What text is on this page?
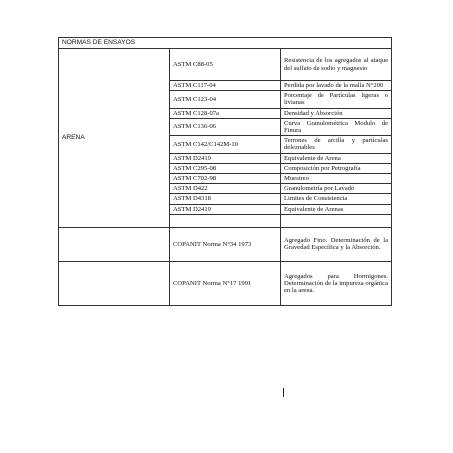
NORMAS DE ENSAYOS		
ARENA	ASTM C88-05	Resistencia de los agregados al ataque del sulfato de sodio y magnesio
	ASTM C117-04	Perdida por lavado de la malla N°200
	ASTM C123-04	Porcentaje de Partículas ligeras o livianas
	ASTM C128-07a	Densidad y Absorción
	ASTM C136-06	Curva Granulométrica Modulo de Finura
	ASTM C142/C142M-10	Terrones de arcilla y partículas deleznables
	ASTM D2419	Equivalente de Arena
	ASTM C295-08	Composición por Petrografía
	ASTM C702-98	Muestreo
	ASTM D422	Granulometría por Lavado
	ASTM D4318	Limites de Consistencia
	ASTM D2419	Equivalente de Arenas

	COPANIT Norma N°34 1973	Agregado Fino. Determinación de la Gravedad Específica y la Absorción.
	COPANIT Norma N°17 1991	Agregados para Hormigones. Determinación de la impureza orgánica en la arena.
